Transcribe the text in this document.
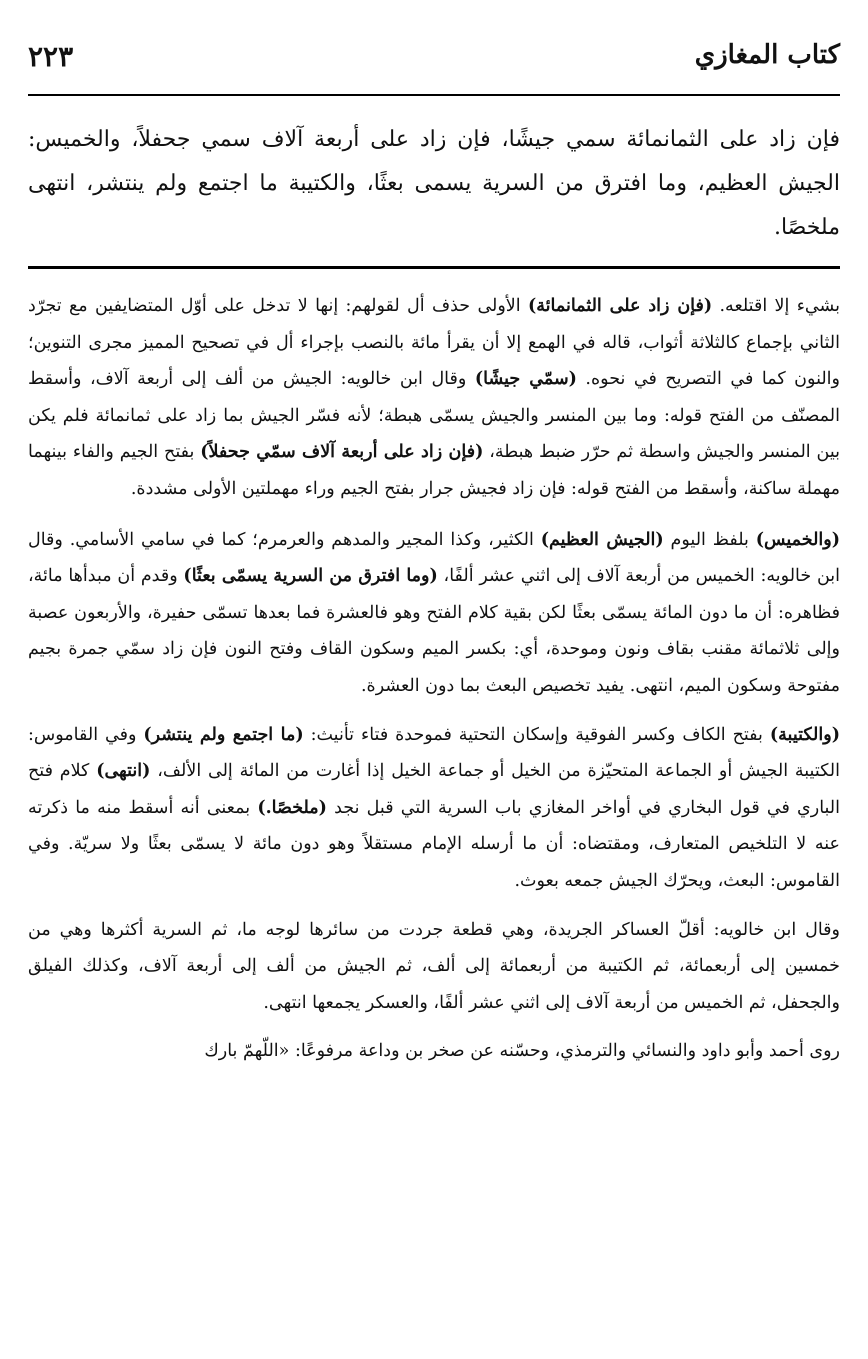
كتاب المغازي
٢٢٣

فإن زاد على الثمانمائة سمي جيشًا، فإن زاد على أربعة آلاف سمي جحفلاً، والخميس: الجيش العظيم، وما افترق من السرية يسمى بعثًا، والكتيبة ما اجتمع ولم ينتشر، انتهى ملخصًا.

بشيء إلا اقتلعه. (فإن زاد على الثمانمائة) الأولى حذف أل لقولهم: إنها لا تدخل على أوّل المتضايفين مع تجرّد الثاني بإجماع كالثلاثة أثواب، قاله في الهمع إلا أن يقرأ مائة بالنصب بإجراء أل في تصحيح المميز مجرى التنوين؛ والنون كما في التصريح في نحوه. (سمّي جيشًا) وقال ابن خالويه: الجيش من ألف إلى أربعة آلاف، وأسقط المصنّف من الفتح قوله: وما بين المنسر والجيش يسمّى هبطة؛ لأنه فسّر الجيش بما زاد على ثمانمائة فلم يكن بين المنسر والجيش واسطة ثم حرّر ضبط هبطة، (فإن زاد على أربعة آلاف سمّي جحفلاً) بفتح الجيم والفاء بينهما مهملة ساكنة، وأسقط من الفتح قوله: فإن زاد فجيش جرار بفتح الجيم وراء مهملتين الأولى مشددة.

(والخميس) بلفظ اليوم (الجيش العظيم) الكثير، وكذا المجير والمدهم والعرمرم؛ كما في سامي الأسامي. وقال ابن خالويه: الخميس من أربعة آلاف إلى اثني عشر ألفًا، (وما افترق من السرية يسمّى بعثًا) وقدم أن مبدأها مائة، فظاهره: أن ما دون المائة يسمّى بعثًا لكن بقية كلام الفتح وهو فالعشرة فما بعدها تسمّى حفيرة، والأربعون عصبة وإلى ثلاثمائة مقنب بقاف ونون وموحدة، أي: بكسر الميم وسكون القاف وفتح النون فإن زاد سمّي جمرة بجيم مفتوحة وسكون الميم، انتهى. يفيد تخصيص البعث بما دون العشرة.

(والكتيبة) بفتح الكاف وكسر الفوقية وإسكان التحتية فموحدة فتاء تأنيث: (ما اجتمع ولم ينتشر) وفي القاموس: الكتيبة الجيش أو الجماعة المتحيّزة من الخيل أو جماعة الخيل إذا أغارت من المائة إلى الألف، (انتهى) كلام فتح الباري في قول البخاري في أواخر المغازي باب السرية التي قبل نجد (ملخصًا.) بمعنى أنه أسقط منه ما ذكرته عنه لا التلخيص المتعارف، ومقتضاه: أن ما أرسله الإمام مستقلاً وهو دون مائة لا يسمّى بعثًا ولا سريّة. وفي القاموس: البعث، ويحرّك الجيش جمعه بعوث.

وقال ابن خالويه: أقلّ العساكر الجريدة، وهي قطعة جردت من سائرها لوجه ما، ثم السرية أكثرها وهي من خمسين إلى أربعمائة، ثم الكتيبة من أربعمائة إلى ألف، ثم الجيش من ألف إلى أربعة آلاف، وكذلك الفيلق والجحفل، ثم الخميس من أربعة آلاف إلى اثني عشر ألفًا، والعسكر يجمعها انتهى.

روى أحمد وأبو داود والنسائي والترمذي، وحسّنه عن صخر بن وداعة مرفوعًا: «اللّهمّ بارك
